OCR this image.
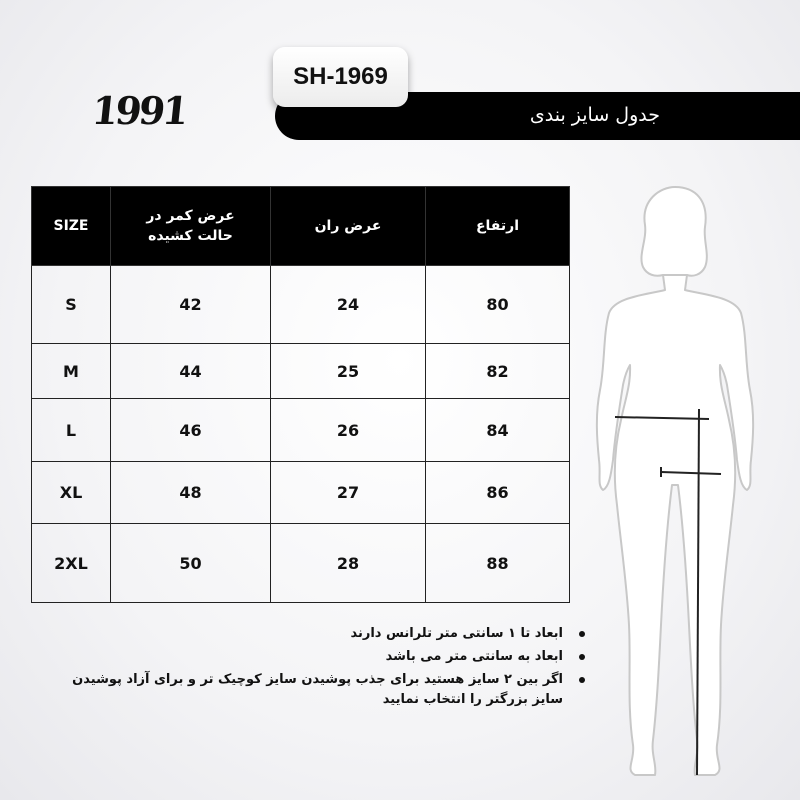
1991	جدول سایز بندی
SH-1969
SIZE	عرض کمر در حالت کشیده	عرض ران	ارتفاع
S	42	24	80
M	44	25	82
L	46	26	84
XL	48	27	86
2XL	50	28	88
ابعاد تا ۱ سانتی متر تلرانس دارند
ابعاد به سانتی متر می باشد
اگر بین ۲ سایز هستید برای جذب پوشیدن سایز کوچیک تر و برای آزاد پوشیدن سایز بزرگتر را انتخاب نمایید
